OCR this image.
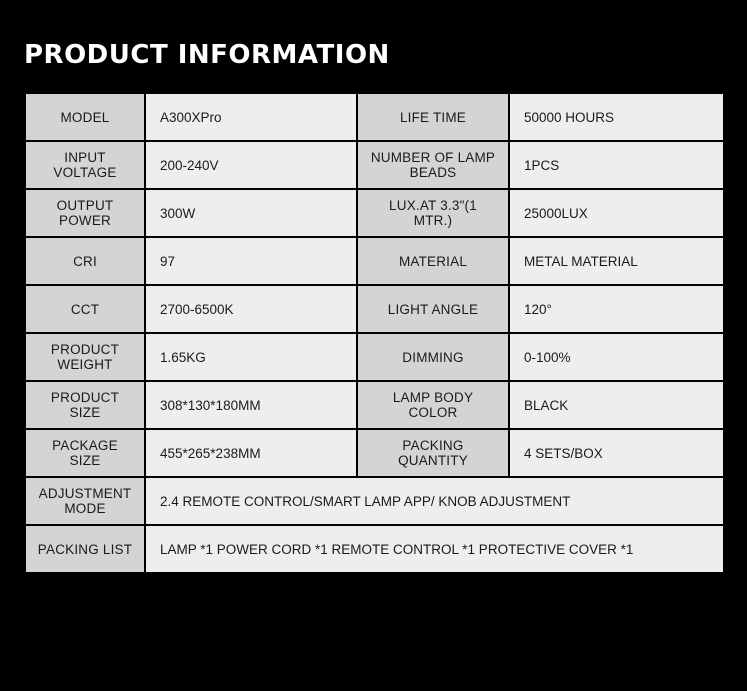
PRODUCT INFORMATION
MODEL	A300XPro	LIFE TIME	50000 HOURS
INPUT VOLTAGE	200-240V	NUMBER OF LAMP BEADS	1PCS
OUTPUT POWER	300W	LUX.AT 3.3"(1 MTR.)	25000LUX
CRI	97	MATERIAL	METAL MATERIAL
CCT	2700-6500K	LIGHT ANGLE	120°
PRODUCT WEIGHT	1.65KG	DIMMING	0-100%
PRODUCT SIZE	308*130*180MM	LAMP BODY COLOR	BLACK
PACKAGE SIZE	455*265*238MM	PACKING QUANTITY	4 SETS/BOX
ADJUSTMENT MODE	2.4 REMOTE CONTROL/SMART LAMP APP/ KNOB ADJUSTMENT		
PACKING LIST	LAMP *1 POWER CORD *1 REMOTE CONTROL *1 PROTECTIVE COVER *1		
